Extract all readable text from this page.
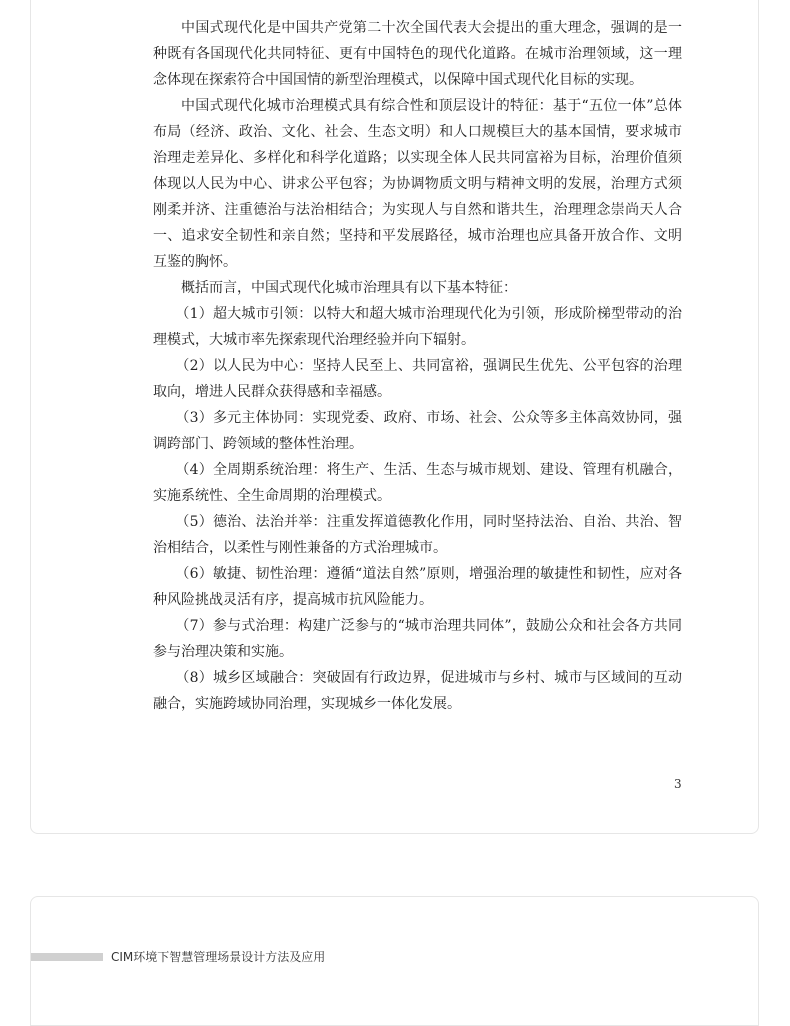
中国式现代化是中国共产党第二十次全国代表大会提出的重大理念，强调的是一种既有各国现代化共同特征、更有中国特色的现代化道路。在城市治理领域，这一理念体现在探索符合中国国情的新型治理模式，以保障中国式现代化目标的实现。

中国式现代化城市治理模式具有综合性和顶层设计的特征：基于“五位一体”总体布局（经济、政治、文化、社会、生态文明）和人口规模巨大的基本国情，要求城市治理走差异化、多样化和科学化道路；以实现全体人民共同富裕为目标，治理价值须体现以人民为中心、讲求公平包容；为协调物质文明与精神文明的发展，治理方式须刚柔并济、注重德治与法治相结合；为实现人与自然和谐共生，治理理念崇尚天人合一、追求安全韧性和亲自然；坚持和平发展路径，城市治理也应具备开放合作、文明互鉴的胸怀。

概括而言，中国式现代化城市治理具有以下基本特征：

（1）超大城市引领：以特大和超大城市治理现代化为引领，形成阶梯型带动的治理模式，大城市率先探索现代治理经验并向下辐射。

（2）以人民为中心：坚持人民至上、共同富裕，强调民生优先、公平包容的治理取向，增进人民群众获得感和幸福感。

（3）多元主体协同：实现党委、政府、市场、社会、公众等多主体高效协同，强调跨部门、跨领域的整体性治理。

（4）全周期系统治理：将生产、生活、生态与城市规划、建设、管理有机融合，实施系统性、全生命周期的治理模式。

（5）德治、法治并举：注重发挥道德教化作用，同时坚持法治、自治、共治、智治相结合，以柔性与刚性兼备的方式治理城市。

（6）敏捷、韧性治理：遵循“道法自然”原则，增强治理的敏捷性和韧性，应对各种风险挑战灵活有序，提高城市抗风险能力。

（7）参与式治理：构建广泛参与的“城市治理共同体”，鼓励公众和社会各方共同参与治理决策和实施。

（8）城乡区域融合：突破固有行政边界，促进城市与乡村、城市与区域间的互动融合，实施跨域协同治理，实现城乡一体化发展。

3
CIM环境下智慧管理场景设计方法及应用
